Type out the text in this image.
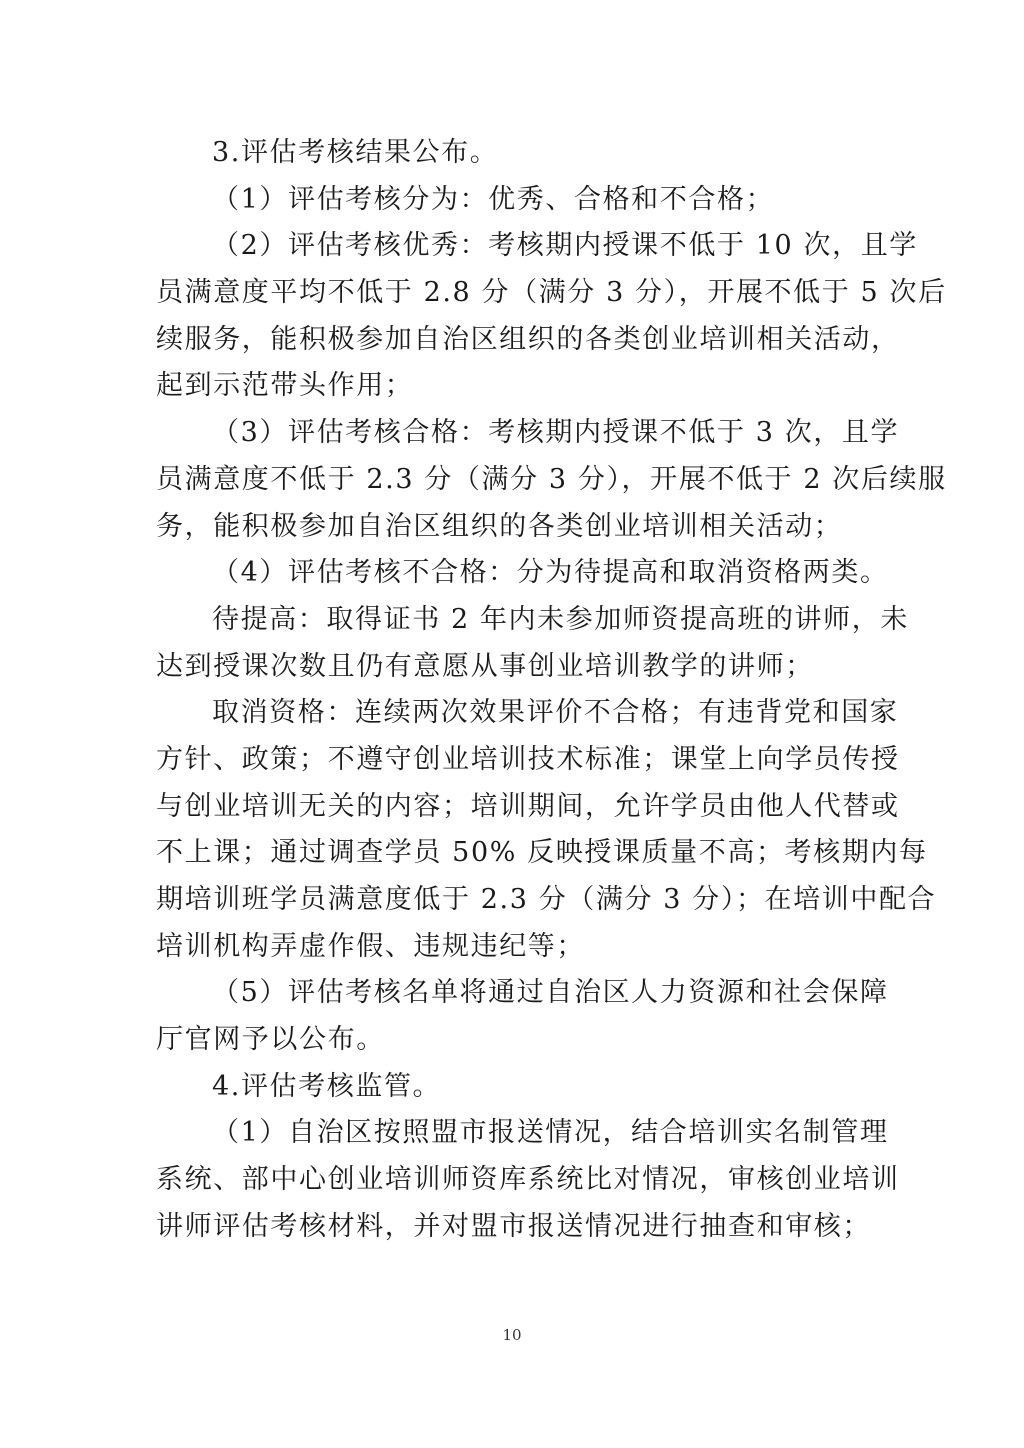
3.评估考核结果公布。
（1）评估考核分为：优秀、合格和不合格；
（2）评估考核优秀：考核期内授课不低于 10 次，且学
员满意度平均不低于 2.8 分（满分 3 分），开展不低于 5 次后
续服务，能积极参加自治区组织的各类创业培训相关活动，
起到示范带头作用；
（3）评估考核合格：考核期内授课不低于 3 次，且学
员满意度不低于 2.3 分（满分 3 分），开展不低于 2 次后续服
务，能积极参加自治区组织的各类创业培训相关活动；
（4）评估考核不合格：分为待提高和取消资格两类。
待提高：取得证书 2 年内未参加师资提高班的讲师，未
达到授课次数且仍有意愿从事创业培训教学的讲师；
取消资格：连续两次效果评价不合格；有违背党和国家
方针、政策；不遵守创业培训技术标准；课堂上向学员传授
与创业培训无关的内容；培训期间，允许学员由他人代替或
不上课；通过调查学员 50% 反映授课质量不高；考核期内每
期培训班学员满意度低于 2.3 分（满分 3 分）；在培训中配合
培训机构弄虚作假、违规违纪等；
（5）评估考核名单将通过自治区人力资源和社会保障
厅官网予以公布。
4.评估考核监管。
（1）自治区按照盟市报送情况，结合培训实名制管理
系统、部中心创业培训师资库系统比对情况，审核创业培训
讲师评估考核材料，并对盟市报送情况进行抽查和审核；
10
